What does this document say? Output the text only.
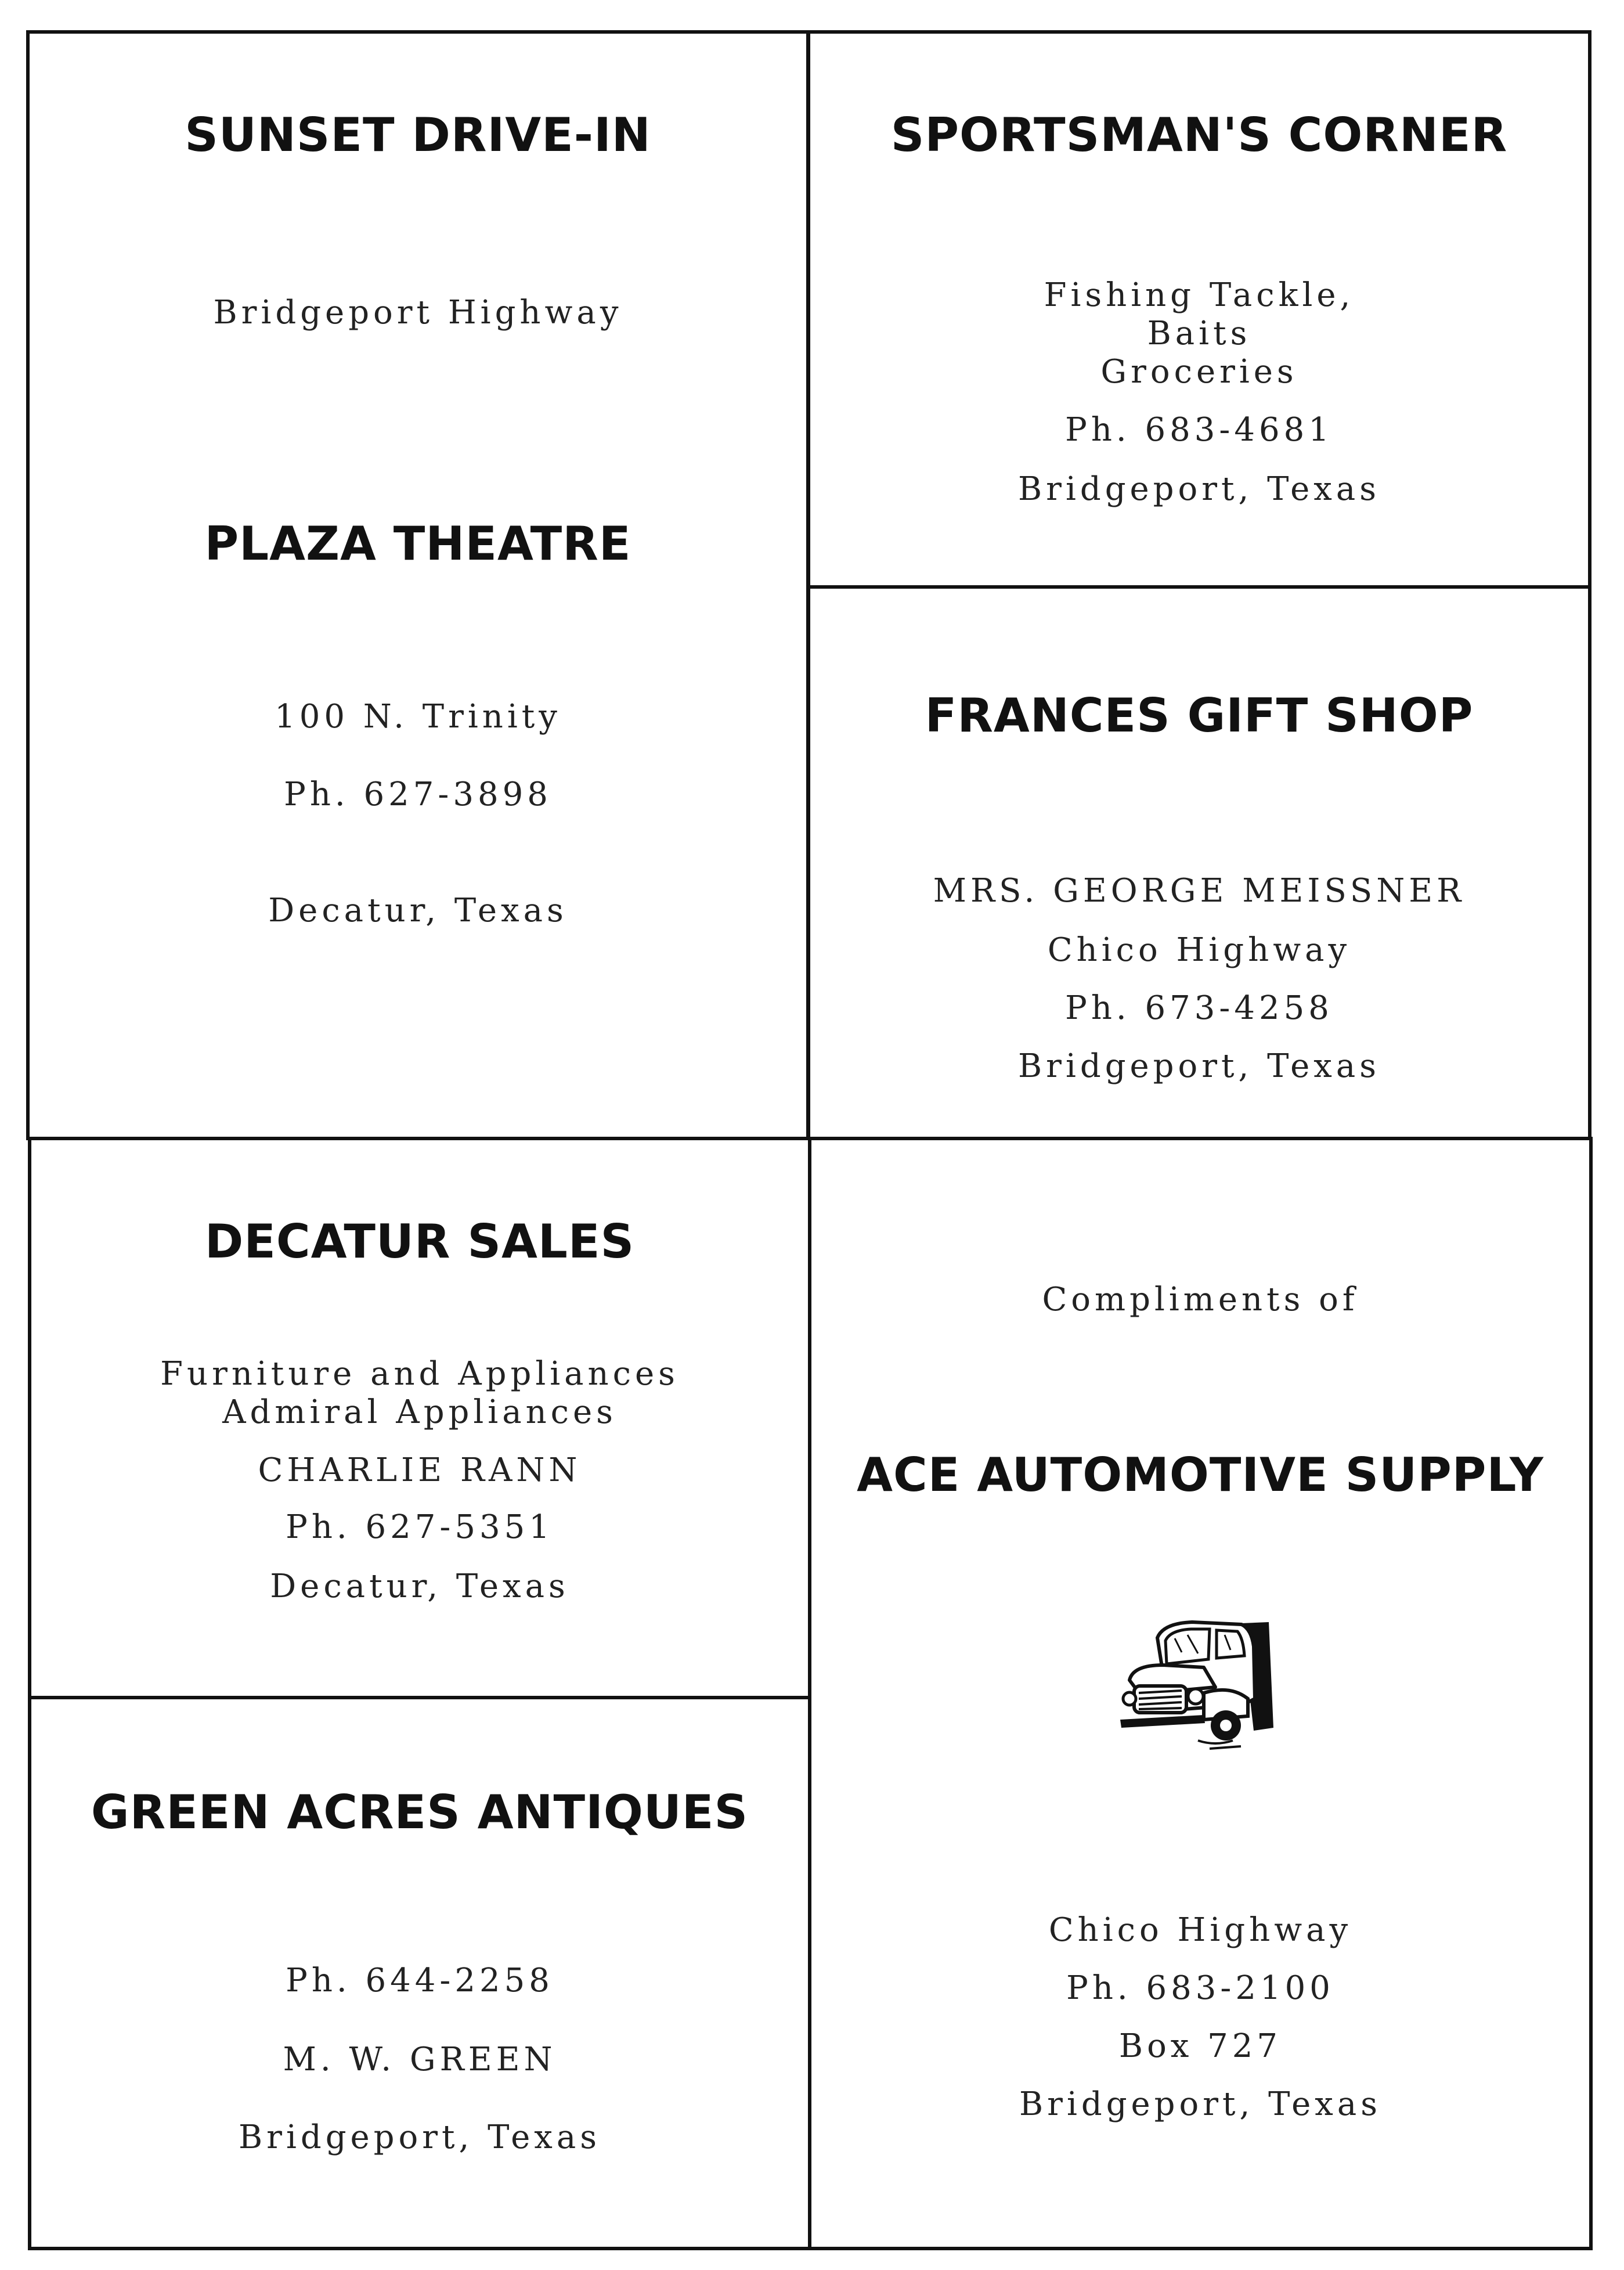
SUNSET DRIVE-IN
Bridgeport Highway
PLAZA THEATRE
100 N. Trinity
Ph. 627-3898
Decatur, Texas
SPORTSMAN'S CORNER
Fishing Tackle,
Baits
Groceries
Ph. 683-4681
Bridgeport, Texas
FRANCES GIFT SHOP
MRS. GEORGE MEISSNER
Chico Highway
Ph. 673-4258
Bridgeport, Texas
DECATUR SALES
Furniture and Appliances
Admiral Appliances
CHARLIE RANN
Ph. 627-5351
Decatur, Texas
GREEN ACRES ANTIQUES
Ph. 644-2258
M. W. GREEN
Bridgeport, Texas
Compliments of
ACE AUTOMOTIVE SUPPLY
Chico Highway
Ph. 683-2100
Box 727
Bridgeport, Texas
